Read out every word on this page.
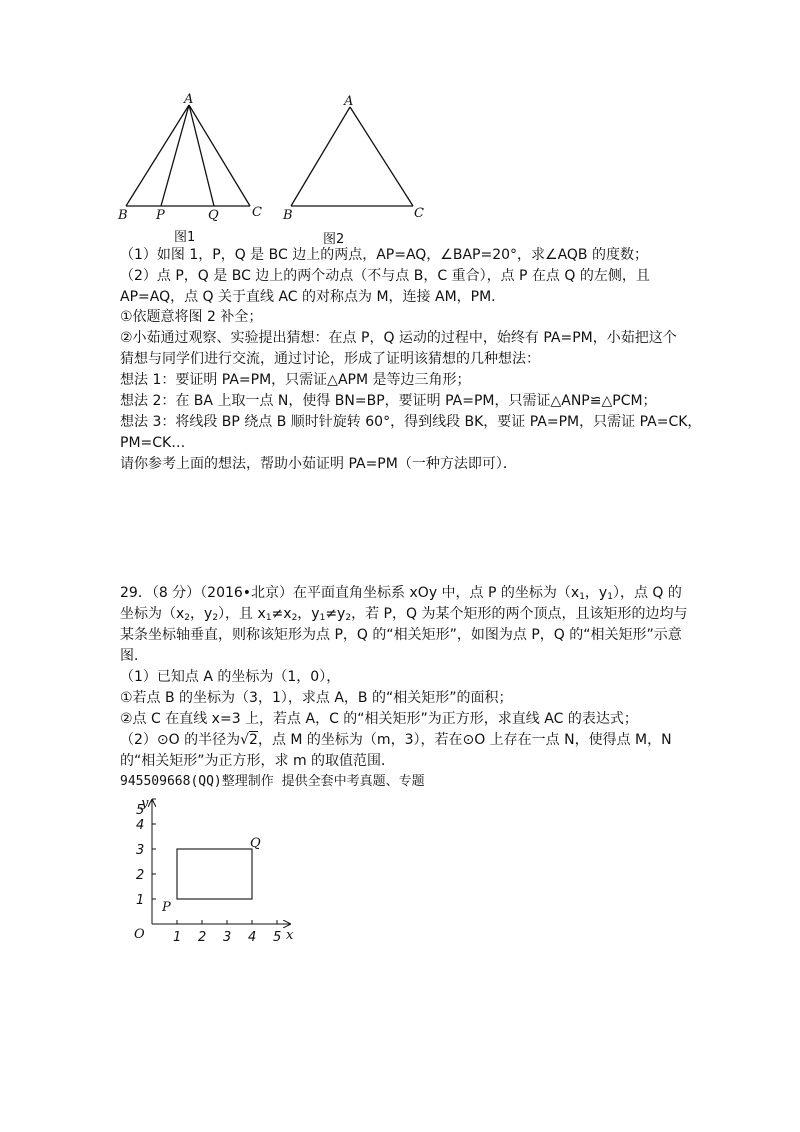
A
B P	Q	C
图1
A
B	C
图2
（1）如图 1，P，Q 是 BC 边上的两点，AP=AQ，∠BAP=20°，求∠AQB 的度数；
（2）点 P，Q 是 BC 边上的两个动点（不与点 B，C 重合），点 P 在点 Q 的左侧，且
AP=AQ，点 Q 关于直线 AC 的对称点为 M，连接 AM，PM．
①依题意将图 2 补全；
②小茹通过观察、实验提出猜想：在点 P，Q 运动的过程中，始终有 PA=PM，小茹把这个
猜想与同学们进行交流，通过讨论，形成了证明该猜想的几种想法：
想法 1：要证明 PA=PM，只需证△APM 是等边三角形；
想法 2：在 BA 上取一点 N，使得 BN=BP，要证明 PA=PM，只需证△ANP≌△PCM；
想法 3：将线段 BP 绕点 B 顺时针旋转 60°，得到线段 BK，要证 PA=PM，只需证 PA=CK，
PM=CK…
请你参考上面的想法，帮助小茹证明 PA=PM（一种方法即可）．
29．（8 分）（2016•北京）在平面直角坐标系 xOy 中，点 P 的坐标为（$x_1$，$y_1$），点 Q 的
坐标为（$x_2$，$y_2$），且 $x_1\ne x_2$，$y_1\ne y_2$，若 P，Q 为某个矩形的两个顶点，且该矩形的边均与
某条坐标轴垂直，则称该矩形为点 P，Q 的“相关矩形”，如图为点 P，Q 的“相关矩形”示意
图．
（1）已知点 A 的坐标为（1，0），
①若点 B 的坐标为（3，1），求点 A，B 的“相关矩形”的面积；
②点 C 在直线 x=3 上，若点 A，C 的“相关矩形”为正方形，求直线 AC 的表达式；
（2）⊙O 的半径为√2，点 M 的坐标为（m，3），若在⊙O 上存在一点 N，使得点 M，N
的“相关矩形”为正方形，求 m 的取值范围．
945509668(QQ)整理制作 提供全套中考真题、专题
y
x
O 1 2 3 4 5
1
2
3
4
5
P
Q
